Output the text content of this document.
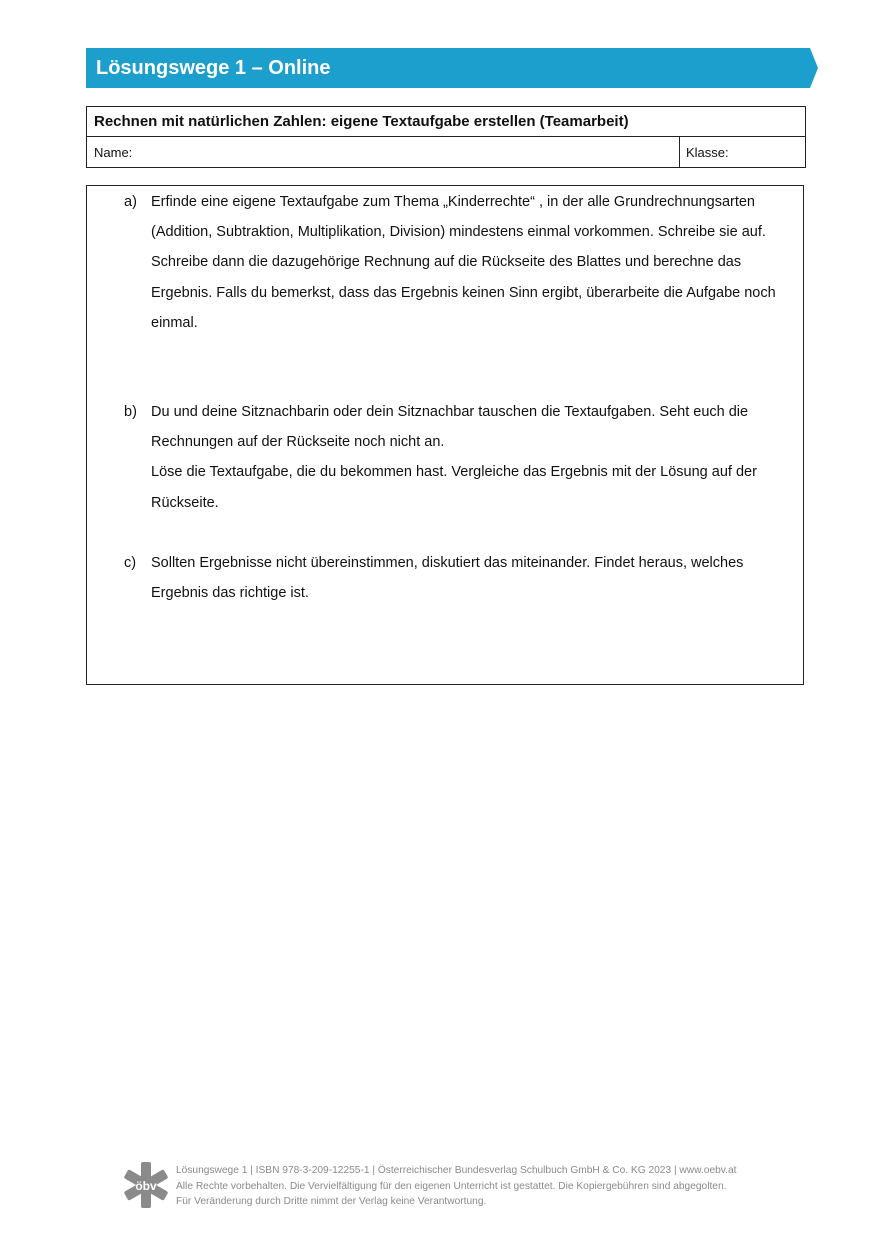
Lösungswege 1 – Online
Rechnen mit natürlichen Zahlen: eigene Textaufgabe erstellen (Teamarbeit)
Name:	Klasse:
a) Erfinde eine eigene Textaufgabe zum Thema „Kinderrechte“ , in der alle Grundrechnungsarten (Addition, Subtraktion, Multiplikation, Division) mindestens einmal vorkommen. Schreibe sie auf.

Schreibe dann die dazugehörige Rechnung auf die Rückseite des Blattes und berechne das Ergebnis. Falls du bemerkst, dass das Ergebnis keinen Sinn ergibt, überarbeite die Aufgabe noch einmal.

b) Du und deine Sitznachbarin oder dein Sitznachbar tauschen die Textaufgaben. Seht euch die Rechnungen auf der Rückseite noch nicht an.

Löse die Textaufgabe, die du bekommen hast. Vergleiche das Ergebnis mit der Lösung auf der Rückseite.

c) Sollten Ergebnisse nicht übereinstimmen, diskutiert das miteinander. Findet heraus, welches Ergebnis das richtige ist.

öbv
Lösungswege 1 | ISBN 978-3-209-12255-1 | Österreichischer Bundesverlag Schulbuch GmbH & Co. KG 2023 | www.oebv.at
Alle Rechte vorbehalten. Die Vervielfältigung für den eigenen Unterricht ist gestattet. Die Kopiergebühren sind abgegolten.
Für Veränderung durch Dritte nimmt der Verlag keine Verantwortung.
